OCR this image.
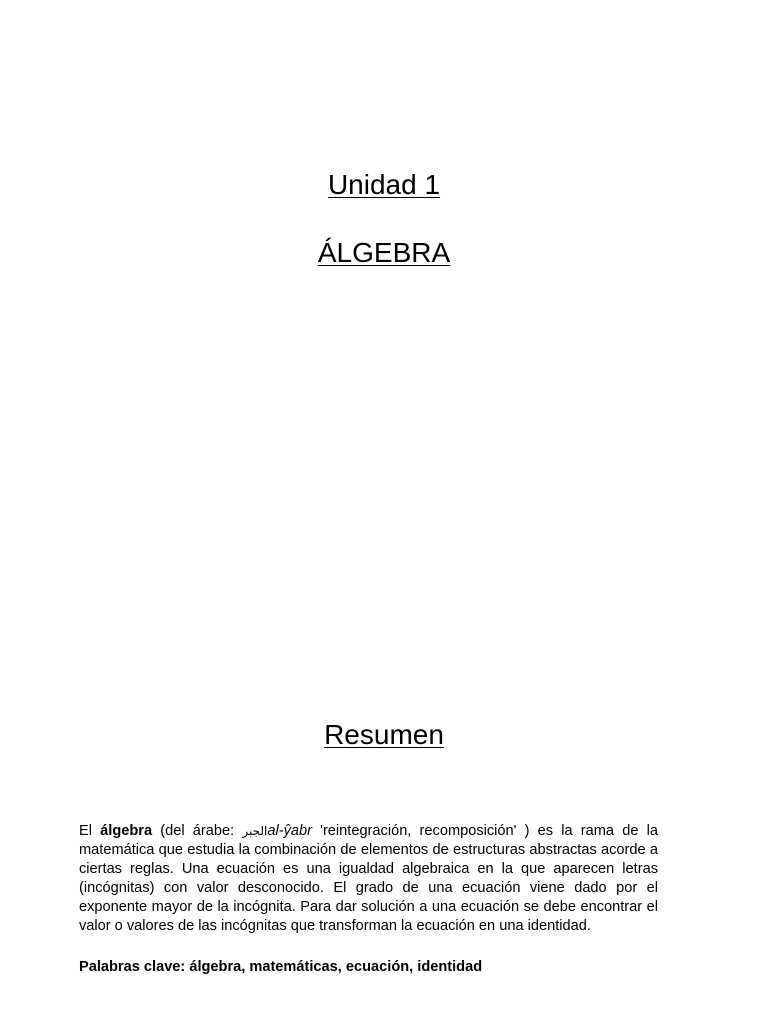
Unidad 1
ÁLGEBRA
Resumen

El álgebra (del árabe: الجبرal-ŷabr 'reintegración, recomposición' ) es la rama de la matemática que estudia la combinación de elementos de estructuras abstractas acorde a ciertas reglas. Una ecuación es una igualdad algebraica en la que aparecen letras (incógnitas) con valor desconocido. El grado de una ecuación viene dado por el exponente mayor de la incógnita. Para dar solución a una ecuación se debe encontrar el valor o valores de las incógnitas que transforman la ecuación en una identidad.

Palabras clave: álgebra, matemáticas, ecuación, identidad
